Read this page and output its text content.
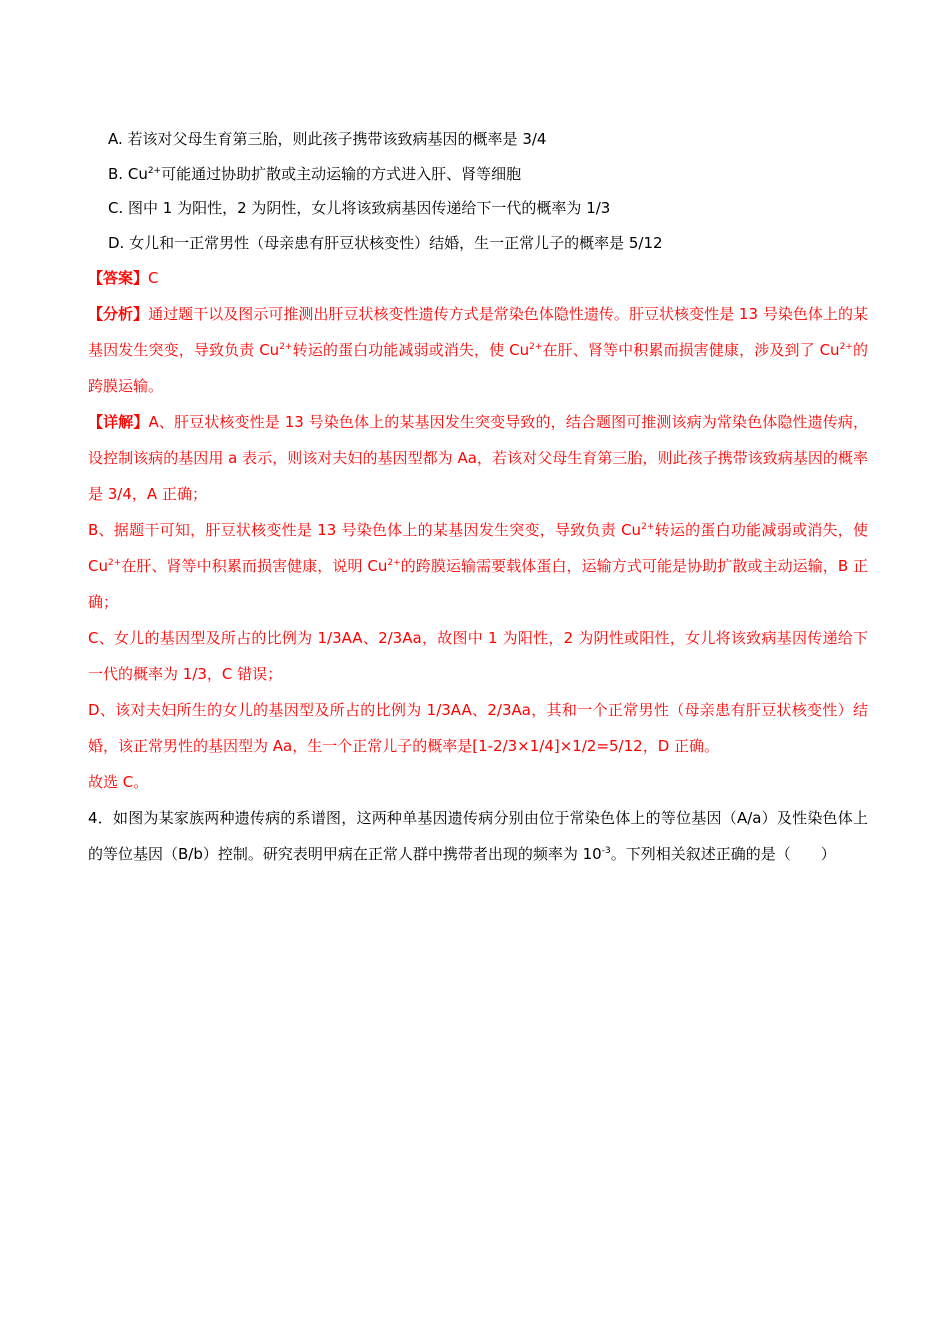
A. 若该对父母生育第三胎，则此孩子携带该致病基因的概率是 3/4
B. $Cu^{2+}$可能通过协助扩散或主动运输的方式进入肝、肾等细胞
C. 图中 1 为阳性，2 为阴性，女儿将该致病基因传递给下一代的概率为 1/3
D. 女儿和一正常男性（母亲患有肝豆状核变性）结婚，生一正常儿子的概率是 5/12
【答案】C
【分析】通过题干以及图示可推测出肝豆状核变性遗传方式是常染色体隐性遗传。肝豆状核变性是 13 号染色体上的某基因发生突变，导致负责 $Cu^{2+}$转运的蛋白功能减弱或消失，使 $Cu^{2+}$在肝、肾等中积累而损害健康，涉及到了 $Cu^{2+}$的跨膜运输。
【详解】A、肝豆状核变性是 13 号染色体上的某基因发生突变导致的，结合题图可推测该病为常染色体隐性遗传病，设控制该病的基因用 a 表示，则该对夫妇的基因型都为 Aa，若该对父母生育第三胎，则此孩子携带该致病基因的概率是 3/4，A 正确；
B、据题干可知，肝豆状核变性是 13 号染色体上的某基因发生突变，导致负责 $Cu^{2+}$转运的蛋白功能减弱或消失，使 $Cu^{2+}$在肝、肾等中积累而损害健康，说明 $Cu^{2+}$的跨膜运输需要载体蛋白，运输方式可能是协助扩散或主动运输，B 正确；
C、女儿的基因型及所占的比例为 1/3AA、2/3Aa，故图中 1 为阳性，2 为阴性或阳性，女儿将该致病基因传递给下一代的概率为 1/3，C 错误；
D、该对夫妇所生的女儿的基因型及所占的比例为 1/3AA、2/3Aa，其和一个正常男性（母亲患有肝豆状核变性）结婚，该正常男性的基因型为 Aa，生一个正常儿子的概率是[1-2/3×1/4]×1/2=5/12，D 正确。
故选 C。
4．如图为某家族两种遗传病的系谱图，这两种单基因遗传病分别由位于常染色体上的等位基因（A/a）及性染色体上的等位基因（B/b）控制。研究表明甲病在正常人群中携带者出现的频率为 $10^{-3}$。下列相关叙述正确的是（　　）
